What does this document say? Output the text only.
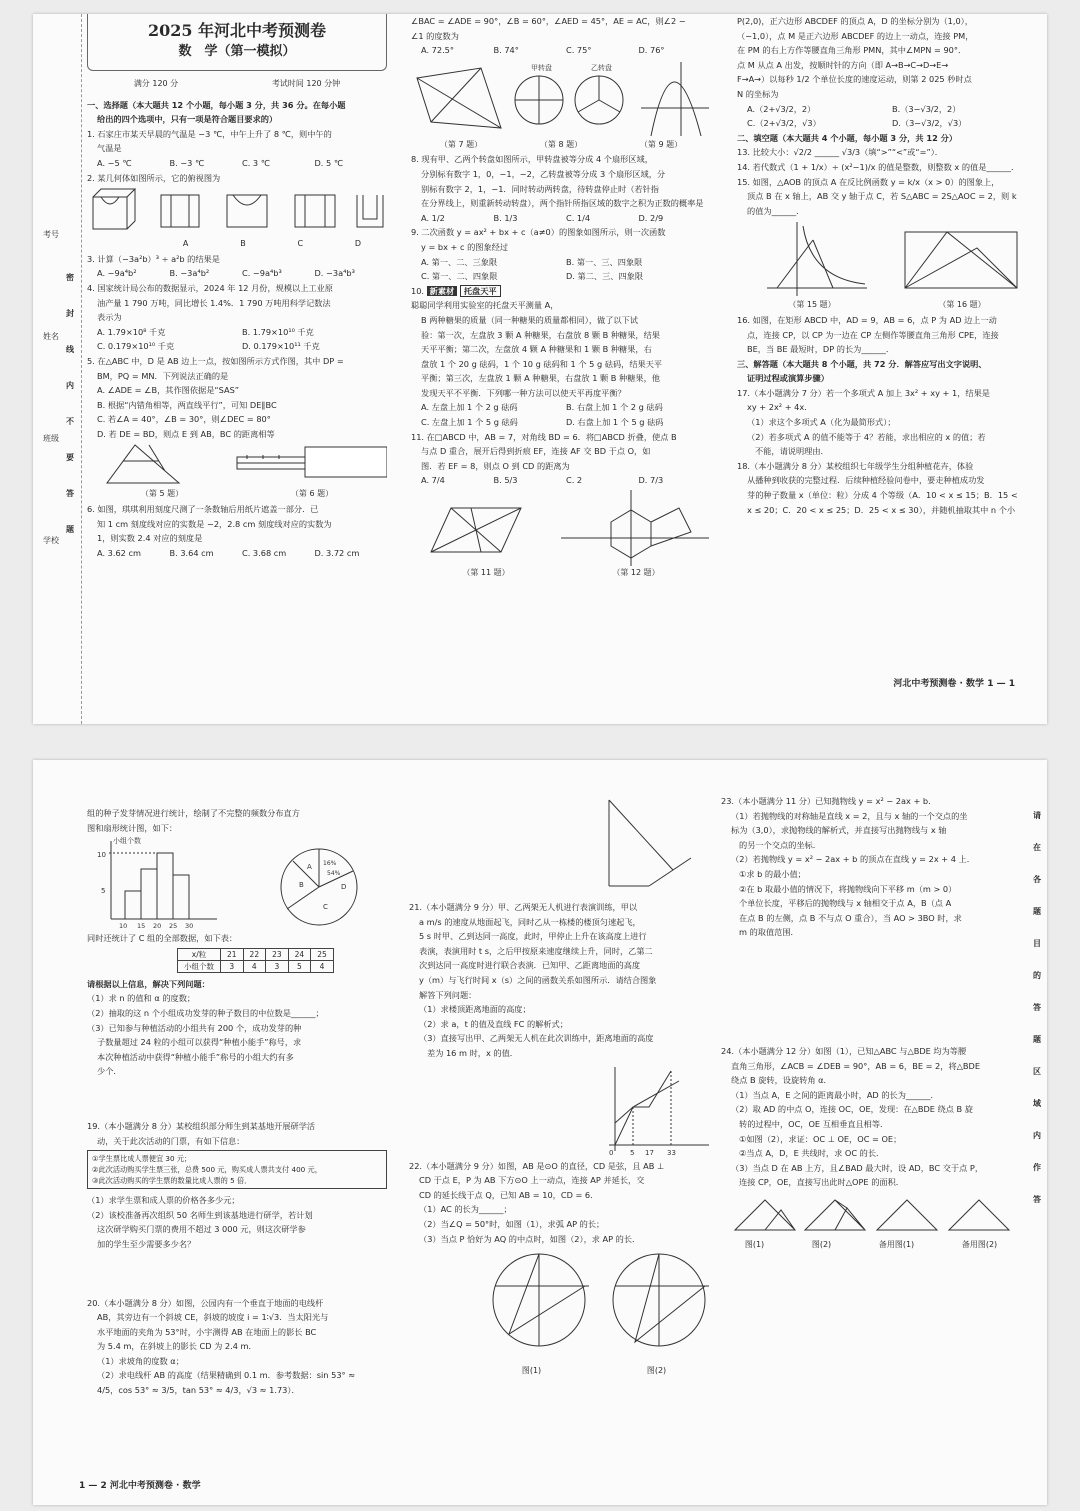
考号
姓名
班级
学校
密
封
线
内
不
要
答
题
2025 年河北中考预测卷
数　学（第一模拟）
满分 120 分	考试时间 120 分钟

一、选择题（本大题共 12 个小题，每小题 3 分，共 36 分。在每小题

给出的四个选项中，只有一项是符合题目要求的）

1. 石家庄市某天早晨的气温是 −3 ℃，中午上升了 8 ℃，则中午的

气温是

A. −5 ℃	B. −3 ℃	C. 3 ℃	D. 5 ℃

2. 某几何体如图所示，它的俯视图为

A	B	C	D

3. 计算（−3a²b）³ ÷ a²b 的结果是

A. −9a⁴b²	B. −3a⁴b²	C. −9a⁴b³	D. −3a⁴b³

4. 国家统计局公布的数据显示，2024 年 12 月份，规模以上工业原

油产量 1 790 万吨，同比增长 1.4%．1 790 万吨用科学记数法

表示为

A. 1.79×10⁸ 千克	B. 1.79×10¹⁰ 千克

C. 0.179×10¹⁰ 千克	D. 0.179×10¹¹ 千克

5. 在△ABC 中，D 是 AB 边上一点，按如图所示方式作图，其中 DP =

BM，PQ = MN．下列说法正确的是

A. ∠ADE = ∠B，其作图依据是“SAS”

B. 根据“内错角相等，两直线平行”，可知 DE∥BC

C. 若∠A = 40°，∠B = 30°，则∠DEC = 80°

D. 若 DE = BD，则点 E 到 AB，BC 的距离相等

（第 5 题）	（第 6 题）

6. 如图，琪琪利用刻度尺测了一条数轴后用纸片遮盖一部分．已

知 1 cm 刻度线对应的实数是 −2，2.8 cm 刻度线对应的实数为

1，则实数 2.4 对应的刻度是

A. 3.62 cm	B. 3.64 cm	C. 3.68 cm	D. 3.72 cm

∠BAC = ∠ADE = 90°，∠B = 60°，∠AED = 45°，AE = AC，则∠2 −

∠1 的度数为

A. 72.5°	B. 74°	C. 75°	D. 76°

甲转盘	乙转盘
（第 7 题）	（第 8 题）	（第 9 题）

8. 现有甲、乙两个转盘如图所示，甲转盘被等分成 4 个扇形区域，

分别标有数字 1，0，−1，−2，乙转盘被等分成 3 个扇形区域，分

别标有数字 2，1，−1．同时转动两转盘，待转盘停止时（若针指

在分界线上，则重新转动转盘），两个指针所指区域的数字之积为正数的概率是

A. 1/2	B. 1/3	C. 1/4	D. 2/9

9. 二次函数 y = ax² + bx + c（a≠0）的图象如图所示，则一次函数

y = bx + c 的图象经过

A. 第一、二、三象限	B. 第一、三、四象限

C. 第一、二、四象限	D. 第二、三、四象限

10. 新素材 托盘天平

聪聪同学利用实验室的托盘天平测量 A，

B 两种糖果的质量（同一种糖果的质量都相同），做了以下试

验：第一次，左盘放 3 颗 A 种糖果，右盘放 8 颗 B 种糖果，结果

天平平衡；第二次，左盘放 4 颗 A 种糖果和 1 颗 B 种糖果，右

盘放 1 个 20 g 砝码，1 个 10 g 砝码和 1 个 5 g 砝码，结果天平

平衡；第三次，左盘放 1 颗 A 种糖果，右盘放 1 颗 B 种糖果，他

发现天平不平衡．下列哪一种方法可以使天平再度平衡？

A. 左盘上加 1 个 2 g 砝码	B. 右盘上加 1 个 2 g 砝码

C. 左盘上加 1 个 5 g 砝码	D. 右盘上加 1 个 5 g 砝码

11. 在□ABCD 中，AB = 7，对角线 BD = 6．将□ABCD 折叠，使点 B

与点 D 重合，展开后得到折痕 EF，连接 AF 交 BD 于点 O，如

图．若 EF = 8，则点 O 到 CD 的距离为

A. 7/4	B. 5/3	C. 2	D. 7/3

（第 11 题）	（第 12 题）

P(2,0)，正六边形 ABCDEF 的顶点 A，D 的坐标分别为（1,0），

（−1,0），点 M 是正六边形 ABCDEF 的边上一动点，连接 PM，

在 PM 的右上方作等腰直角三角形 PMN，其中∠MPN = 90°．

点 M 从点 A 出发，按顺时针的方向（即 A→B→C→D→E→

F→A→）以每秒 1/2 个单位长度的速度运动，则第 2 025 秒时点

N 的坐标为

A.（2+√3/2，2）	B.（3−√3/2，2）

C.（2+√3/2，√3）	D.（3−√3/2，√3）

二、填空题（本大题共 4 个小题，每小题 3 分，共 12 分）

13. 比较大小：√2/2 ______ √3/3（填“>”“<”或“=”）．

14. 若代数式（1 + 1/x）÷ (x²−1)/x 的值是整数，则整数 x 的值是______．

15. 如图，△AOB 的顶点 A 在反比例函数 y = k/x（x > 0）的图象上，

顶点 B 在 x 轴上，AB 交 y 轴于点 C，若 S△ABC = 2S△AOC = 2，则 k

的值为______．

（第 15 题）	（第 16 题）

16. 如图，在矩形 ABCD 中，AD = 9，AB = 6，点 P 为 AD 边上一动

点，连接 CP，以 CP 为一边在 CP 左侧作等腰直角三角形 CPE，连接

BE，当 BE 最短时，DP 的长为______．

三、解答题（本大题共 8 个小题，共 72 分．解答应写出文字说明、

证明过程或演算步骤）

17.（本小题满分 7 分）若一个多项式 A 加上 3x² + xy + 1，结果是

xy + 2x² + 4x．

（1）求这个多项式 A（化为最简形式）；

（2）若多项式 A 的值不能等于 4？若能，求出相应的 x 的值；若

不能，请说明理由．

18.（本小题满分 8 分）某校组织七年级学生分组种植花卉，体验

从播种到收获的完整过程．后续种植经验问卷中，要走种植成功发

芽的种子数量 x（单位：粒）分成 4 个等级（A．10 < x ≤ 15；B．15 <

x ≤ 20；C．20 < x ≤ 25；D．25 < x ≤ 30），并随机抽取其中 n 个小

河北中考预测卷 · 数学 1 — 1

组的种子发芽情况进行统计，绘制了不完整的频数分布直方

图和扇形统计图，如下：

小组个数
10
5
10 15 20 25 30
A
B
C
D
16%
54%

同时还统计了 C 组的全部数据，如下表：

x/粒	21	22	23	24	25
小组个数	3	4	3	5	4

请根据以上信息，解决下列问题：

（1）求 n 的值和 α 的度数；

（2）抽取的这 n 个小组成功发芽的种子数目的中位数是______；

（3）已知参与种植活动的小组共有 200 个，成功发芽的种

子数量超过 24 粒的小组可以获得“种植小能手”称号，求

本次种植活动中获得“种植小能手”称号的小组大约有多

少个．

19.（本小题满分 8 分）某校组织部分师生到某基地开展研学活

动，关于此次活动的门票，有如下信息：

①学生票比成人票便宜 30 元；

②此次活动购买学生票三张，总费 500 元，购买成人票共支付 400 元，

③此次活动购买的学生票的数量比成人票的 5 倍．

（1）求学生票和成人票的价格各多少元；

（2）该校准备再次组织 50 名师生到该基地进行研学，若计划

这次研学购买门票的费用不超过 3 000 元，则这次研学参

加的学生至少需要多少名？

20.（本小题满分 8 分）如图，公园内有一个垂直于地面的电线杆

AB，其旁边有一个斜坡 CE，斜坡的坡度 i = 1∶√3．当太阳光与

水平地面的夹角为 53°时，小宇测得 AB 在地面上的影长 BC

为 5.4 m，在斜坡上的影长 CD 为 2.4 m．

（1）求坡角的度数 α；

（2）求电线杆 AB 的高度（结果精确到 0.1 m．参考数据：sin 53° ≈

4/5，cos 53° ≈ 3/5，tan 53° ≈ 4/3，√3 ≈ 1.73）．

21.（本小题满分 9 分）甲、乙两架无人机进行表演训练，甲以

a m/s 的速度从地面起飞，同时乙从一栋楼的楼顶匀速起飞，

5 s 时甲、乙到达同一高度，此时，甲停止上升在该高度上进行

表演，表演用时 t s，之后甲按原来速度继续上升，同时，乙第二

次到达同一高度时进行联合表演．已知甲、乙距离地面的高度

y（m）与飞行时间 x（s）之间的函数关系如图所示．请结合图象

解答下列问题：

（1）求楼顶距离地面的高度；

（2）求 a，t 的值及直线 FC 的解析式；

（3）直接写出甲、乙两架无人机在此次训练中，距离地面的高度

差为 16 m 时，x 的值．

0 5 17 33

22.（本小题满分 9 分）如图，AB 是⊙O 的直径，CD 是弦，且 AB ⊥

CD 于点 E，P 为 AB 下方⊙O 上一动点，连接 AP 并延长，交

CD 的延长线于点 Q，已知 AB = 10，CD = 6．

（1）AC 的长为______；

（2）当∠Q = 50°时，如图（1），求弧 AP 的长；

（3）当点 P 恰好为 AQ 的中点时，如图（2），求 AP 的长．

图(1)	图(2)

23.（本小题满分 11 分）已知抛物线 y = x² − 2ax + b．

（1）若抛物线的对称轴是直线 x = 2，且与 x 轴的一个交点的坐

标为（3,0），求抛物线的解析式，并直接写出抛物线与 x 轴

的另一个交点的坐标．

（2）若抛物线 y = x² − 2ax + b 的顶点在直线 y = 2x + 4 上．

①求 b 的最小值；

②在 b 取最小值的情况下，将抛物线向下平移 m（m > 0）

个单位长度，平移后的抛物线与 x 轴相交于点 A，B（点 A

在点 B 的左侧，点 B 不与点 O 重合），当 AO > 3BO 时，求

m 的取值范围．

24.（本小题满分 12 分）如图（1），已知△ABC 与△BDE 均为等腰

直角三角形，∠ACB = ∠DEB = 90°，AB = 6，BE = 2，将△BDE

绕点 B 旋转，设旋转角 α．

（1）当点 A，E 之间的距离最小时，AD 的长为______．

（2）取 AD 的中点 O，连接 OC，OE，发现：在△BDE 绕点 B 旋

转的过程中，OC，OE 互相垂直且相等．

①如图（2），求证：OC ⊥ OE，OC = OE；

②当点 A，D，E 共线时，求 OC 的长．

（3）当点 D 在 AB 上方，且∠BAD 最大时，设 AD，BC 交于点 P，

连接 CP，OE，直接写出此时△OPE 的面积．

图(1)	图(2)	备用图(1)	备用图(2)
请
在
各
题
目
的
答
题
区
域
内
作
答
1 — 2 河北中考预测卷 · 数学
